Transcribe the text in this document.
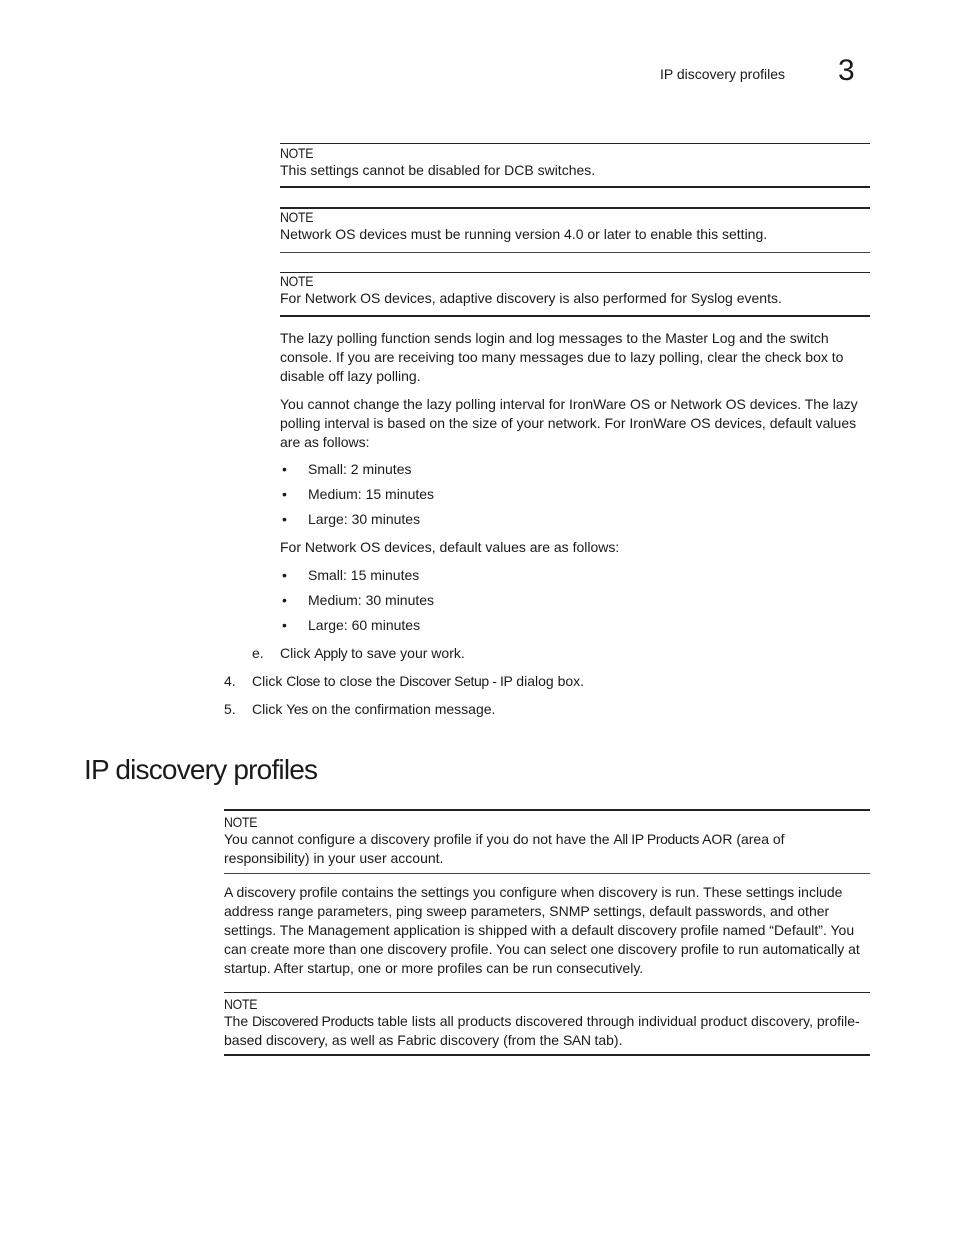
IP discovery profiles 3
NOTE
This settings cannot be disabled for DCB switches.
NOTE
Network OS devices must be running version 4.0 or later to enable this setting.
NOTE
For Network OS devices, adaptive discovery is also performed for Syslog events.

The lazy polling function sends login and log messages to the Master Log and the switch console. If you are receiving too many messages due to lazy polling, clear the check box to disable off lazy polling.

You cannot change the lazy polling interval for IronWare OS or Network OS devices. The lazy polling interval is based on the size of your network. For IronWare OS devices, default values are as follows:

• Small: 2 minutes
• Medium: 15 minutes
• Large: 30 minutes

For Network OS devices, default values are as follows:

• Small: 15 minutes
• Medium: 30 minutes
• Large: 60 minutes
e. Click Apply to save your work.
4. Click Close to close the Discover Setup - IP dialog box.
5. Click Yes on the confirmation message.
IP discovery profiles
NOTE
You cannot configure a discovery profile if you do not have the All IP Products AOR (area of responsibility) in your user account.

A discovery profile contains the settings you configure when discovery is run. These settings include address range parameters, ping sweep parameters, SNMP settings, default passwords, and other settings. The Management application is shipped with a default discovery profile named “Default”. You can create more than one discovery profile. You can select one discovery profile to run automatically at startup. After startup, one or more profiles can be run consecutively.

NOTE
The Discovered Products table lists all products discovered through individual product discovery, profile-based discovery, as well as Fabric discovery (from the SAN tab).
